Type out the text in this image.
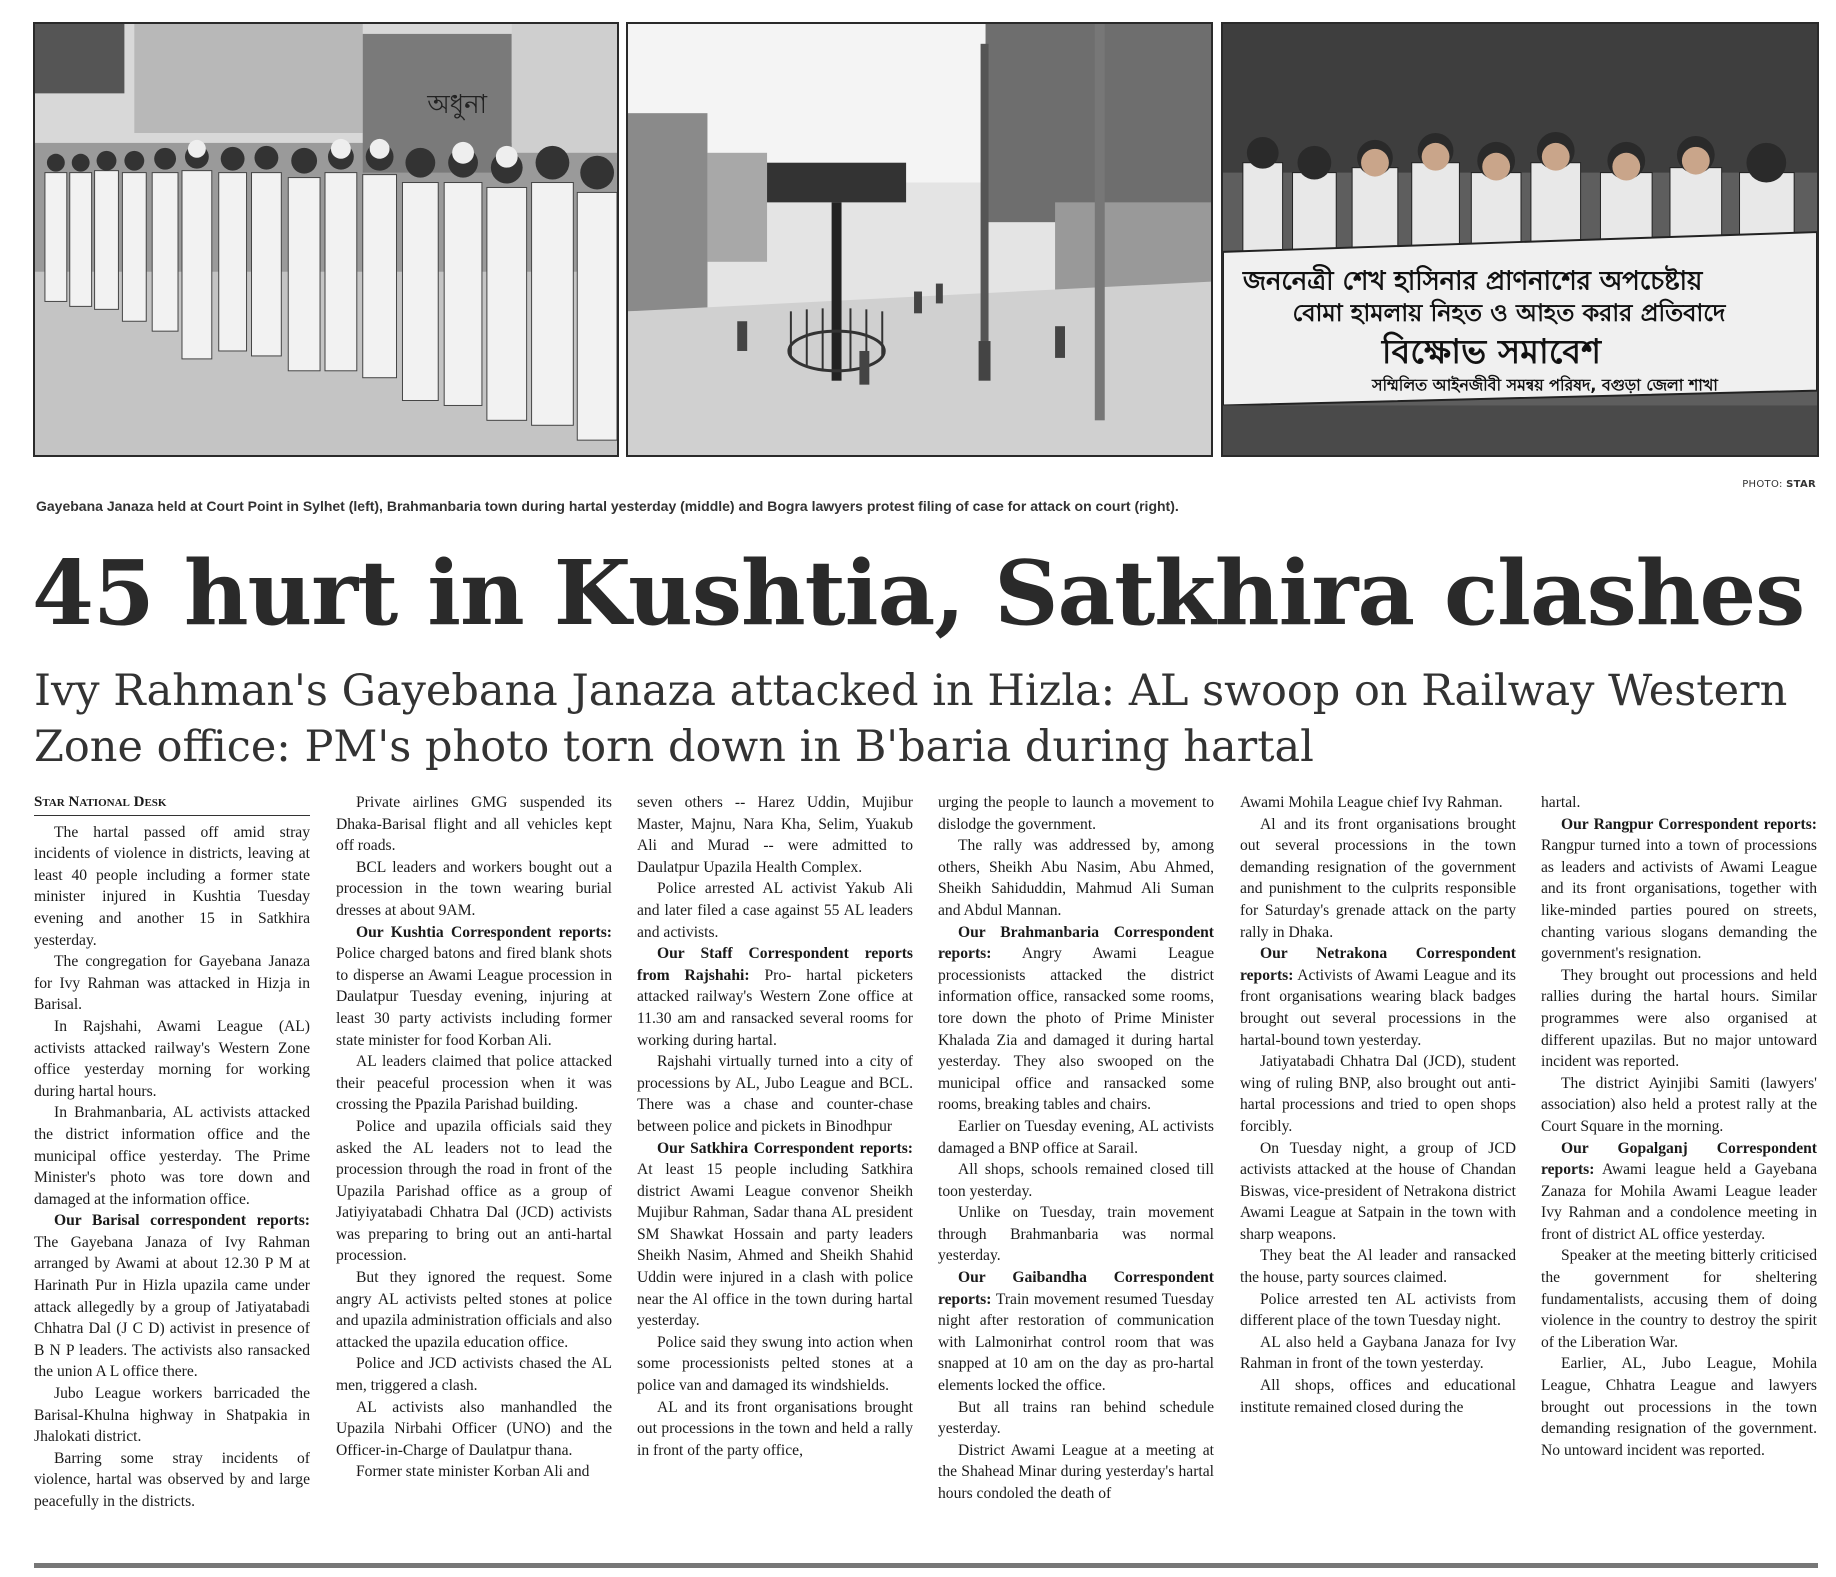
অধুনা
জননেত্রী শেখ হাসিনার প্রাণনাশের অপচেষ্টায়
বোমা হামলায় নিহত ও আহত করার প্রতিবাদে
বিক্ষোভ সমাবেশ
সম্মিলিত আইনজীবী সমন্বয় পরিষদ, বগুড়া জেলা শাখা
PHOTO: STAR
Gayebana Janaza held at Court Point in Sylhet (left), Brahmanbaria town during hartal yesterday (middle) and Bogra lawyers protest filing of case for attack on court (right).
45 hurt in Kushtia, Satkhira clashes
Ivy Rahman's Gayebana Janaza attacked in Hizla: AL swoop on Railway Western Zone office: PM's photo torn down in B'baria during hartal
Star National Desk

The hartal passed off amid stray incidents of violence in districts, leaving at least 40 people including a former state minister injured in Kushtia Tuesday evening and another 15 in Satkhira yesterday.

The congregation for Gayebana Janaza for Ivy Rahman was attacked in Hizja in Barisal.

In Rajshahi, Awami League (AL) activists attacked railway's Western Zone office yesterday morning for working during hartal hours.

In Brahmanbaria, AL activists attacked the district information office and the municipal office yesterday. The Prime Minister's photo was tore down and damaged at the information office.

Our Barisal correspondent reports: The Gayebana Janaza of Ivy Rahman arranged by Awami at about 12.30 P M at Harinath Pur in Hizla upazila came under attack allegedly by a group of Jatiyatabadi Chhatra Dal (J C D) activist in presence of B N P leaders. The activists also ransacked the union A L office there.

Jubo League workers barricaded the Barisal-Khulna highway in Shatpakia in Jhalokati district.

Barring some stray incidents of violence, hartal was observed by and large peacefully in the districts.

Private airlines GMG suspended its Dhaka-Barisal flight and all vehicles kept off roads.

BCL leaders and workers bought out a procession in the town wearing burial dresses at about 9AM.

Our Kushtia Correspondent reports: Police charged batons and fired blank shots to disperse an Awami League procession in Daulatpur Tuesday evening, injuring at least 30 party activists including former state minister for food Korban Ali.

AL leaders claimed that police attacked their peaceful procession when it was crossing the Ppazila Parishad building.

Police and upazila officials said they asked the AL leaders not to lead the procession through the road in front of the Upazila Parishad office as a group of Jatiyiyatabadi Chhatra Dal (JCD) activists was preparing to bring out an anti-hartal procession.

But they ignored the request. Some angry AL activists pelted stones at police and upazila administration officials and also attacked the upazila education office.

Police and JCD activists chased the AL men, triggered a clash.

AL activists also manhandled the Upazila Nirbahi Officer (UNO) and the Officer-in-Charge of Daulatpur thana.

Former state minister Korban Ali and

seven others -- Harez Uddin, Mujibur Master, Majnu, Nara Kha, Selim, Yuakub Ali and Murad -- were admitted to Daulatpur Upazila Health Complex.

Police arrested AL activist Yakub Ali and later filed a case against 55 AL leaders and activists.

Our Staff Correspondent reports from Rajshahi: Pro- hartal picketers attacked railway's Western Zone office at 11.30 am and ransacked several rooms for working during hartal.

Rajshahi virtually turned into a city of processions by AL, Jubo League and BCL. There was a chase and counter-chase between police and pickets in Binodhpur

Our Satkhira Correspondent reports: At least 15 people including Satkhira district Awami League convenor Sheikh Mujibur Rahman, Sadar thana AL president SM Shawkat Hossain and party leaders Sheikh Nasim, Ahmed and Sheikh Shahid Uddin were injured in a clash with police near the Al office in the town during hartal yesterday.

Police said they swung into action when some processionists pelted stones at a police van and damaged its windshields.

AL and its front organisations brought out processions in the town and held a rally in front of the party office,

urging the people to launch a movement to dislodge the government.

The rally was addressed by, among others, Sheikh Abu Nasim, Abu Ahmed, Sheikh Sahiduddin, Mahmud Ali Suman and Abdul Mannan.

Our Brahmanbaria Correspondent reports: Angry Awami League processionists attacked the district information office, ransacked some rooms, tore down the photo of Prime Minister Khalada Zia and damaged it during hartal yesterday. They also swooped on the municipal office and ransacked some rooms, breaking tables and chairs.

Earlier on Tuesday evening, AL activists damaged a BNP office at Sarail.

All shops, schools remained closed till toon yesterday.

Unlike on Tuesday, train movement through Brahmanbaria was normal yesterday.

Our Gaibandha Correspondent reports: Train movement resumed Tuesday night after restoration of communication with Lalmonirhat control room that was snapped at 10 am on the day as pro-hartal elements locked the office.

But all trains ran behind schedule yesterday.

District Awami League at a meeting at the Shahead Minar during yesterday's hartal hours condoled the death of

Awami Mohila League chief Ivy Rahman.

Al and its front organisations brought out several processions in the town demanding resignation of the government and punishment to the culprits responsible for Saturday's grenade attack on the party rally in Dhaka.

Our Netrakona Correspondent reports: Activists of Awami League and its front organisations wearing black badges brought out several processions in the hartal-bound town yesterday.

Jatiyatabadi Chhatra Dal (JCD), student wing of ruling BNP, also brought out anti-hartal processions and tried to open shops forcibly.

On Tuesday night, a group of JCD activists attacked at the house of Chandan Biswas, vice-president of Netrakona district Awami League at Satpain in the town with sharp weapons.

They beat the Al leader and ransacked the house, party sources claimed.

Police arrested ten AL activists from different place of the town Tuesday night.

AL also held a Gaybana Janaza for Ivy Rahman in front of the town yesterday.

All shops, offices and educational institute remained closed during the

hartal.

Our Rangpur Correspondent reports: Rangpur turned into a town of processions as leaders and activists of Awami League and its front organisations, together with like-minded parties poured on streets, chanting various slogans demanding the government's resignation.

They brought out processions and held rallies during the hartal hours. Similar programmes were also organised at different upazilas. But no major untoward incident was reported.

The district Ayinjibi Samiti (lawyers' association) also held a protest rally at the Court Square in the morning.

Our Gopalganj Correspondent reports: Awami league held a Gayebana Zanaza for Mohila Awami League leader Ivy Rahman and a condolence meeting in front of district AL office yesterday.

Speaker at the meeting bitterly criticised the government for sheltering fundamentalists, accusing them of doing violence in the country to destroy the spirit of the Liberation War.

Earlier, AL, Jubo League, Mohila League, Chhatra League and lawyers brought out processions in the town demanding resignation of the government. No untoward incident was reported.
